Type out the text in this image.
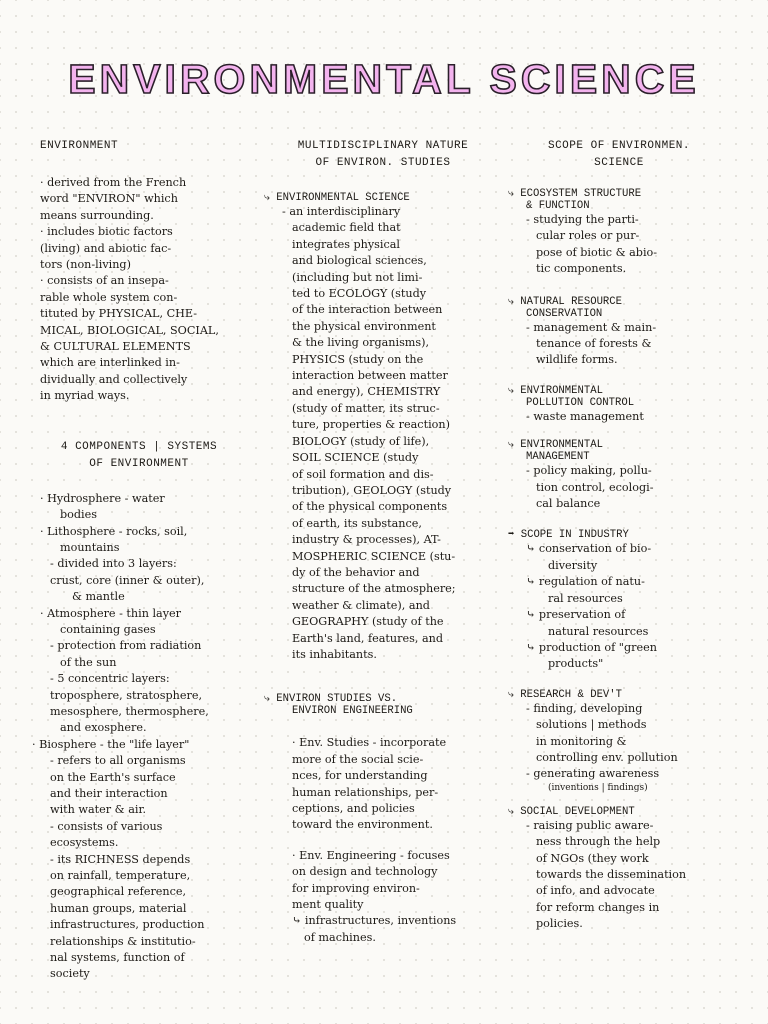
ENVIRONMENTAL SCIENCE
ENVIRONMENT
· derived from the French
word "ENVIRON" which
means surrounding.
· includes biotic factors
(living) and abiotic fac-
tors (non-living)
· consists of an insepa-
rable whole system con-
tituted by PHYSICAL, CHE-
MICAL, BIOLOGICAL, SOCIAL,
& CULTURAL ELEMENTS
which are interlinked in-
dividually and collectively
in myriad ways.
4 COMPONENTS | SYSTEMS
OF ENVIRONMENT
· Hydrosphere - water
bodies
· Lithosphere - rocks, soil,
mountains
- divided into 3 layers:
crust, core (inner & outer),
& mantle
· Atmosphere - thin layer
containing gases
- protection from radiation
of the sun
- 5 concentric layers:
troposphere, stratosphere,
mesosphere, thermosphere,
and exosphere.
· Biosphere - the "life layer"
- refers to all organisms
on the Earth's surface
and their interaction
with water & air.
- consists of various
ecosystems.
- its RICHNESS depends
on rainfall, temperature,
geographical reference,
human groups, material
infrastructures, production
relationships & institutio-
nal systems, function of
society
MULTIDISCIPLINARY NATURE
OF ENVIRON. STUDIES
⤷ ENVIRONMENTAL SCIENCE
- an interdisciplinary
academic field that
integrates physical
and biological sciences,
(including but not limi-
ted to ECOLOGY (study
of the interaction between
the physical environment
& the living organisms),
PHYSICS (study on the
interaction between matter
and energy), CHEMISTRY
(study of matter, its struc-
ture, properties & reaction)
BIOLOGY (study of life),
SOIL SCIENCE (study
of soil formation and dis-
tribution), GEOLOGY (study
of the physical components
of earth, its substance,
industry & processes), AT-
MOSPHERIC SCIENCE (stu-
dy of the behavior and
structure of the atmosphere;
weather & climate), and
GEOGRAPHY (study of the
Earth's land, features, and
its inhabitants.
⤷ ENVIRON STUDIES VS.
ENVIRON ENGINEERING
· Env. Studies - incorporate
more of the social scie-
nces, for understanding
human relationships, per-
ceptions, and policies
toward the environment.
· Env. Engineering - focuses
on design and technology
for improving environ-
ment quality
⤷ infrastructures, inventions
of machines.
SCOPE OF ENVIRONMEN.
SCIENCE
⤷ ECOSYSTEM STRUCTURE
& FUNCTION
- studying the parti-
cular roles or pur-
pose of biotic & abio-
tic components.
⤷ NATURAL RESOURCE
CONSERVATION
- management & main-
tenance of forests &
wildlife forms.
⤷ ENVIRONMENTAL
POLLUTION CONTROL
- waste management
⤷ ENVIRONMENTAL
MANAGEMENT
- policy making, pollu-
tion control, ecologi-
cal balance
➡ SCOPE IN INDUSTRY
⤷ conservation of bio-
diversity
⤷ regulation of natu-
ral resources
⤷ preservation of
natural resources
⤷ production of "green
products"
⤷ RESEARCH & DEV'T
- finding, developing
solutions | methods
in monitoring &
controlling env. pollution
- generating awareness
(inventions | findings)
⤷ SOCIAL DEVELOPMENT
- raising public aware-
ness through the help
of NGOs (they work
towards the dissemination
of info, and advocate
for reform changes in
policies.
